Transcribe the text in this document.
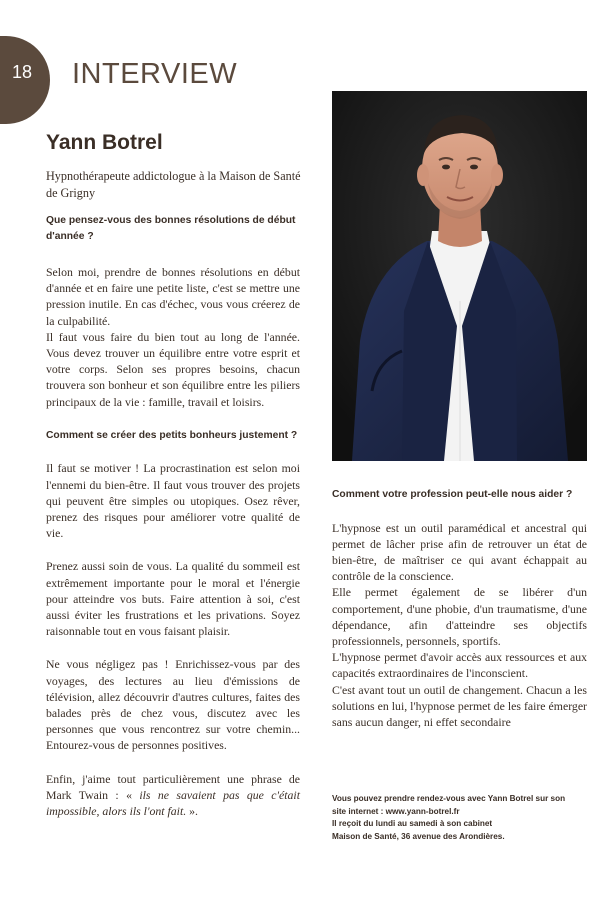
18	INTERVIEW
Yann Botrel
Hypnothérapeute addictologue à la Maison de Santé de Grigny

Que pensez-vous des bonnes résolutions de début d'année ?

Selon moi, prendre de bonnes résolutions en début d'année et en faire une petite liste, c'est se mettre une pression inutile. En cas d'échec, vous vous créerez de la culpabilité.

Il faut vous faire du bien tout au long de l'année. Vous devez trouver un équilibre entre votre esprit et votre corps. Selon ses propres besoins, chacun trouvera son bonheur et son équilibre entre les piliers principaux de la vie : famille, travail et loisirs.

Comment se créer des petits bonheurs justement ?

Il faut se motiver ! La procrastination est selon moi l'ennemi du bien-être. Il faut vous trouver des projets qui peuvent être simples ou utopiques. Osez rêver, prenez des risques pour améliorer votre qualité de vie.

Prenez aussi soin de vous. La qualité du sommeil est extrêmement importante pour le moral et l'énergie pour atteindre vos buts. Faire attention à soi, c'est aussi éviter les frustrations et les privations. Soyez raisonnable tout en vous faisant plaisir.

Ne vous négligez pas ! Enrichissez-vous par des voyages, des lectures au lieu d'émissions de télévision, allez découvrir d'autres cultures, faites des balades près de chez vous, discutez avec les personnes que vous rencontrez sur votre chemin... Entourez-vous de personnes positives.

Enfin, j'aime tout particulièrement une phrase de Mark Twain : « ils ne savaient pas que c'était impossible, alors ils l'ont fait. ».

Comment votre profession peut-elle nous aider ?

L'hypnose est un outil paramédical et ancestral qui permet de lâcher prise afin de retrouver un état de bien-être, de maîtriser ce qui avant échappait au contrôle de la conscience.

Elle permet également de se libérer d'un comportement, d'une phobie, d'un traumatisme, d'une dépendance, afin d'atteindre ses objectifs professionnels, personnels, sportifs.

L'hypnose permet d'avoir accès aux ressources et aux capacités extraordinaires de l'inconscient.

C'est avant tout un outil de changement. Chacun a les solutions en lui, l'hypnose permet de les faire émerger sans aucun danger, ni effet secondaire

Vous pouvez prendre rendez-vous avec Yann Botrel sur son
site internet : www.yann-botrel.fr
Il reçoit du lundi au samedi à son cabinet
Maison de Santé, 36 avenue des Arondières.
